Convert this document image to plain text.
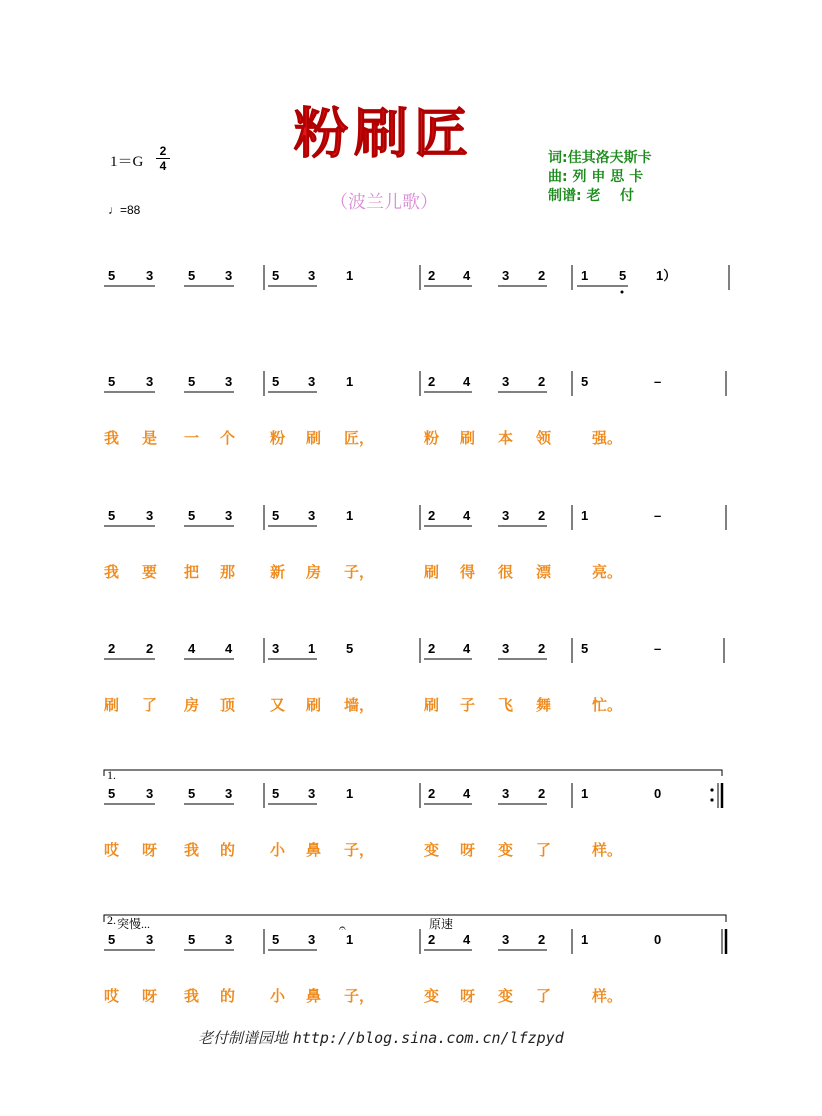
粉刷匠
（波兰儿歌）
1＝G
2
4
♩=88
词:佳其洛夫斯卡
曲: 列 申 思 卡
制谱: 老    付
5 3	5 3	5 3 1	2 4 3 2	1 5 1）
5 3	5 3	5 3 1	2 4 3 2	5	–
我 是 一 个 粉 刷 匠，	粉 刷 本 领	强。
5 3	5 3	5 3 1	2 4 3 2	1	–
我 要 把 那 新 房 子，	刷 得 很 漂	亮。
2 2	4 4	3 1 5	2 4 3 2	5	–
刷 了 房 顶 又 刷 墙，	刷 子 飞 舞	忙。
5 3	5 3	5 3 1	2 4 3 2	1	0
哎 呀 我 的 小 鼻 子，	变 呀 变 了	样。
5 3	5 3	5 3 1	2 4 3 2	1	0
哎 呀 我 的 小 鼻 子，	变 呀 变 了	样。
1.
2. 突慢...	原速
𝄐
老付制谱园地 http://blog.sina.com.cn/lfzpyd
